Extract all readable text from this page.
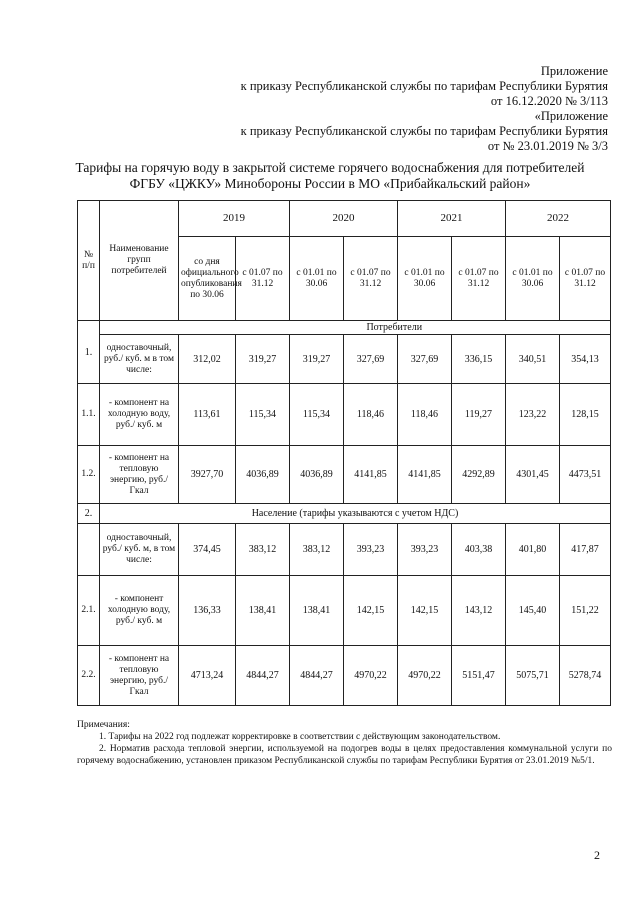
Приложение
к приказу Республиканской службы по тарифам Республики Бурятия
от 16.12.2020 № 3/113
«Приложение
к приказу Республиканской службы по тарифам Республики Бурятия
от № 23.01.2019 № 3/3
Тарифы на горячую воду в закрытой системе горячего водоснабжения для потребителей
ФГБУ «ЦЖКУ» Минобороны России в МО «Прибайкальский район»
№ п/п	Наименование групп потребителей	2019		2020		2021		2022	
		со дня официального опубликования по 30.06	с 01.07 по 31.12	с 01.01 по 30.06	с 01.07 по 31.12	с 01.01 по 30.06	с 01.07 по 31.12	с 01.01 по 30.06	с 01.07 по 31.12
1.		Потребители							
	одноставочный, руб./ куб. м в том числе:	312,02	319,27	319,27	327,69	327,69	336,15	340,51	354,13
1.1.	- компонент на холодную воду, руб./ куб. м	113,61	115,34	115,34	118,46	118,46	119,27	123,22	128,15
1.2.	- компонент на тепловую энергию, руб./Гкал	3927,70	4036,89	4036,89	4141,85	4141,85	4292,89	4301,45	4473,51
2.	Население (тарифы указываются с учетом НДС)								
	одноставочный, руб./ куб. м, в том числе:	374,45	383,12	383,12	393,23	393,23	403,38	401,80	417,87
2.1.	- компонент холодную воду, руб./ куб. м	136,33	138,41	138,41	142,15	142,15	143,12	145,40	151,22
2.2.	- компонент на тепловую энергию, руб./Гкал	4713,24	4844,27	4844,27	4970,22	4970,22	5151,47	5075,71	5278,74

Примечания:

1. Тарифы на 2022 год подлежат корректировке в соответствии с действующим законодательством.

2. Норматив расхода тепловой энергии, используемой на подогрев воды в целях предоставления коммунальной услуги по горячему водоснабжению, установлен приказом Республиканской службы по тарифам Республики Бурятия от 23.01.2019 №5/1.

2
